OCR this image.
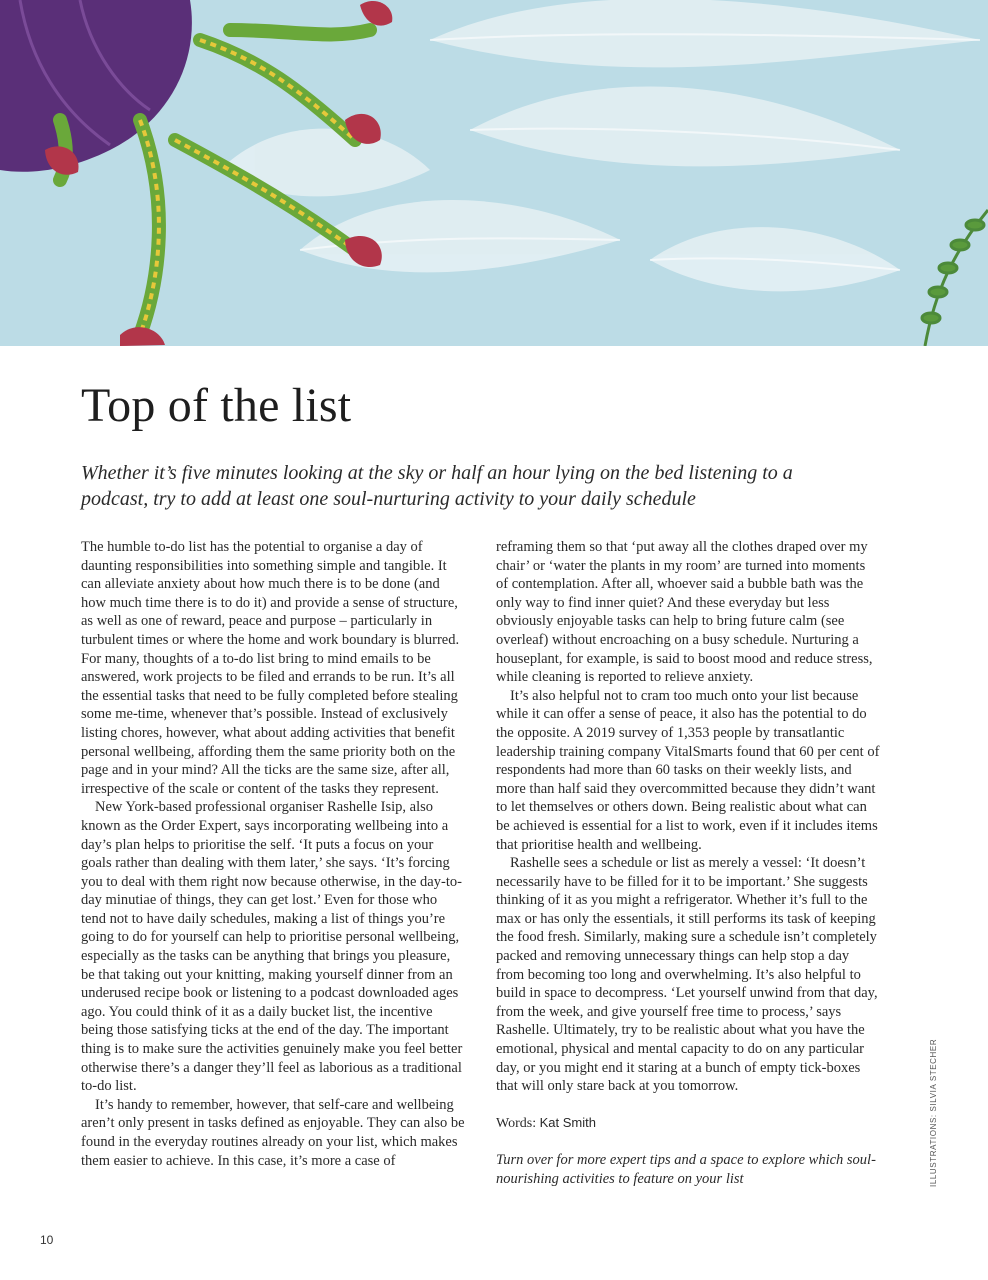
Top of the list

Whether it’s five minutes looking at the sky or half an hour lying on the bed listening to a podcast, try to add at least one soul-nurturing activity to your daily schedule

The humble to-do list has the potential to organise a day of daunting responsibilities into something simple and tangible. It can alleviate anxiety about how much there is to be done (and how much time there is to do it) and provide a sense of structure, as well as one of reward, peace and purpose – particularly in turbulent times or where the home and work boundary is blurred. For many, thoughts of a to-do list bring to mind emails to be answered, work projects to be filed and errands to be run. It’s all the essential tasks that need to be fully completed before stealing some me-time, whenever that’s possible. Instead of exclusively listing chores, however, what about adding activities that benefit personal wellbeing, affording them the same priority both on the page and in your mind? All the ticks are the same size, after all, irrespective of the scale or content of the tasks they represent.

New York-based professional organiser Rashelle Isip, also known as the Order Expert, says incorporating wellbeing into a day’s plan helps to prioritise the self. ‘It puts a focus on your goals rather than dealing with them later,’ she says. ‘It’s forcing you to deal with them right now because otherwise, in the day-to-day minutiae of things, they can get lost.’ Even for those who tend not to have daily schedules, making a list of things you’re going to do for yourself can help to prioritise personal wellbeing, especially as the tasks can be anything that brings you pleasure, be that taking out your knitting, making yourself dinner from an underused recipe book or listening to a podcast downloaded ages ago. You could think of it as a daily bucket list, the incentive being those satisfying ticks at the end of the day. The important thing is to make sure the activities genuinely make you feel better otherwise there’s a danger they’ll feel as laborious as a traditional to-do list.

It’s handy to remember, however, that self-care and wellbeing aren’t only present in tasks defined as enjoyable. They can also be found in the everyday routines already on your list, which makes them easier to achieve. In this case, it’s more a case of

reframing them so that ‘put away all the clothes draped over my chair’ or ‘water the plants in my room’ are turned into moments of contemplation. After all, whoever said a bubble bath was the only way to find inner quiet? And these everyday but less obviously enjoyable tasks can help to bring future calm (see overleaf) without encroaching on a busy schedule. Nurturing a houseplant, for example, is said to boost mood and reduce stress, while cleaning is reported to relieve anxiety.

It’s also helpful not to cram too much onto your list because while it can offer a sense of peace, it also has the potential to do the opposite. A 2019 survey of 1,353 people by transatlantic leadership training company VitalSmarts found that 60 per cent of respondents had more than 60 tasks on their weekly lists, and more than half said they overcommitted because they didn’t want to let themselves or others down. Being realistic about what can be achieved is essential for a list to work, even if it includes items that prioritise health and wellbeing.

Rashelle sees a schedule or list as merely a vessel: ‘It doesn’t necessarily have to be filled for it to be important.’ She suggests thinking of it as you might a refrigerator. Whether it’s full to the max or has only the essentials, it still performs its task of keeping the food fresh. Similarly, making sure a schedule isn’t completely packed and removing unnecessary things can help stop a day from becoming too long and overwhelming. It’s also helpful to build in space to decompress. ‘Let yourself unwind from that day, from the week, and give yourself free time to process,’ says Rashelle. Ultimately, try to be realistic about what you have the emotional, physical and mental capacity to do on any particular day, or you might end it staring at a bunch of empty tick-boxes that will only stare back at you tomorrow.

Words: Kat Smith

Turn over for more expert tips and a space to explore which soul-nourishing activities to feature on your list

10
ILLUSTRATIONS: SILVIA STECHER
